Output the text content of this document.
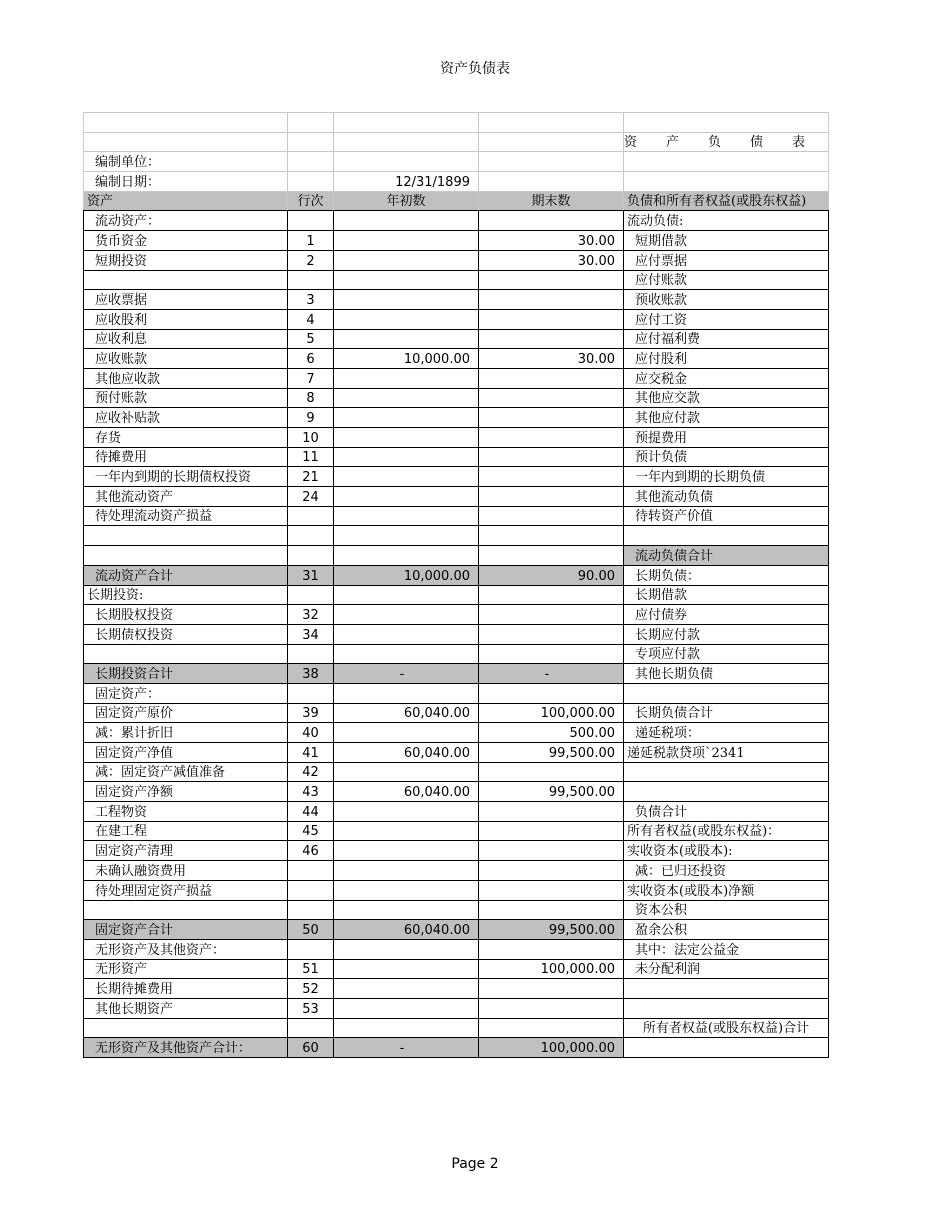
资产负债表

				资　产　负　债　表
编制单位：				
编制日期：		12/31/1899		
资产	行次	年初数	期末数	负债和所有者权益(或股东权益)
流动资产：				流动负债:
货币资金	1		30.00	短期借款
短期投资	2		30.00	应付票据
				应付账款
应收票据	3			预收账款
应收股利	4			应付工资
应收利息	5			应付福利费
应收账款	6	10,000.00	30.00	应付股利
其他应收款	7			应交税金
预付账款	8			其他应交款
应收补贴款	9			其他应付款
存货	10			预提费用
待摊费用	11			预计负债
一年内到期的长期债权投资	21			一年内到期的长期负债
其他流动资产	24			其他流动负债
待处理流动资产损益				待转资产价值

				流动负债合计
流动资产合计	31	10,000.00	90.00	长期负债：
长期投资:				长期借款
长期股权投资	32			应付债券
长期债权投资	34			长期应付款
				专项应付款
长期投资合计	38	-	-	其他长期负债
固定资产：				
固定资产原价	39	60,040.00	100,000.00	长期负债合计
减：累计折旧	40		500.00	递延税项：
固定资产净值	41	60,040.00	99,500.00	递延税款贷项`2341
减：固定资产减值准备	42			
固定资产净额	43	60,040.00	99,500.00	
工程物资	44			负债合计
在建工程	45			所有者权益(或股东权益)：
固定资产清理	46			实收资本(或股本):
未确认融资费用				减：已归还投资
待处理固定资产损益				实收资本(或股本)净额
				资本公积
固定资产合计	50	60,040.00	99,500.00	盈余公积
无形资产及其他资产：				其中：法定公益金
无形资产	51		100,000.00	未分配利润
长期待摊费用	52			
其他长期资产	53			
				所有者权益(或股东权益)合计
无形资产及其他资产合计：	60	-	100,000.00	
Page 2
